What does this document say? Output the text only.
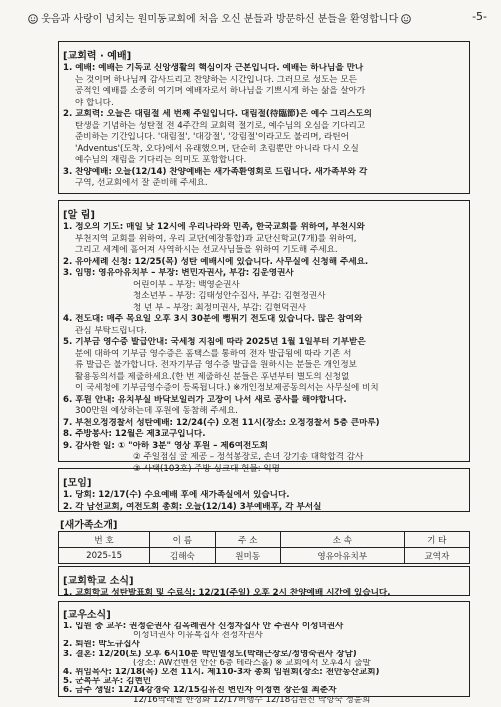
웃음과 사랑이 넘치는 원미동교회에 처음 오신 분들과 방문하신 분들을 환영합니다	-5-
[교회력 · 예배]
1. 예배: 예배는 기독교 신앙생활의 핵심이자 근본입니다. 예배는 하나님을 만나
는 것이며 하나님께 감사드리고 찬양하는 시간입니다. 그러므로 성도는 모든
공적인 예배를 소중히 여기며 예배자로서 하나님을 기쁘시게 하는 삶을 살아가
야 합니다.
2. 교회력: 오늘은 대림절 세 번째 주일입니다. 대림절(待臨節)은 예수 그리스도의
탄생을 기념하는 성탄절 전 4주간의 교회력 절기로, 예수님의 오심을 기다리고
준비하는 기간입니다. '대림절', '대강절', '강림절'이라고도 불리며, 라틴어
'Adventus'(도착, 오다)에서 유래했으며, 단순히 초림뿐만 아니라 다시 오실
예수님의 재림을 기다리는 의미도 포함합니다.
3. 찬양예배: 오늘(12/14) 찬양예배는 새가족환영회로 드립니다. 새가족부와 각
구역, 선교회에서 잘 준비해 주세요.
[알 림]
1. 정오의 기도: 매일 낮 12시에 우리나라와 민족, 한국교회를 위하여, 부천시와
부천지역 교회를 위하여, 우리 교단(예장통합)과 교단신학교(7개)를 위하여,
그리고 세계에 흩어져 사역하시는 선교사님들을 위하여 기도해 주세요.
2. 유아세례 신청: 12/25(목) 성탄 예배시에 있습니다. 사무실에 신청해 주세요.
3. 임명: 영유아유치부 – 부장: 변민자권사, 부감: 김운영권사
어린이부 – 부장: 백영순권사
청소년부 – 부장: 김태성안수집사, 부감: 김현정권사
청 년 부 – 부장: 최정미권사, 부감: 김현덕권사
4. 전도대: 매주 목요일 오후 3시 30분에 뻥튀기 전도대 있습니다. 많은 참여와
관심 부탁드립니다.
5. 기부금 영수증 발급안내: 국세청 지침에 따라 2025년 1월 1일부터 기부받은
분에 대하여 기부금 영수증은 홈택스를 통하여 전자 발급됨에 따라 기존 서
류 발급은 불가합니다. 전자기부금 영수증 발급을 원하시는 분들은 개인정보
활용동의서를 제출하세요.(한 번 제출하신 분들은 후년부터 별도의 신청없
이 국세청에 기부금영수증이 등록됩니다.) ※개인정보제공동의서는 사무실에 비치
6. 후원 안내: 유치부실 바닥보일러가 고장이 나서 새로 공사를 해야합니다.
300만원 예상하는데 후원에 동참해 주세요.
7. 부천오정경찰서 성탄예배: 12/24(수) 오전 11시(장소: 오정경찰서 5층 큰마루)
8. 주방봉사: 12월은 제3교구입니다.
9. 감사한 일: ① "아하 3분" 영상 후원 – 제6여전도회
② 주일점심 굴 제공 – 정석봉장로, 손녀 강기송 대학합격 감사
③ 사택(103호) 주방 싱크대 헌물: 익명
[모임]
1. 당회: 12/17(수) 수요예배 후에 새가족실에서 있습니다.
2. 각 남선교회, 여전도회 총회: 오늘(12/14) 3부예배후, 각 부서실
[새가족소개]
번 호	이 름	주 소	소 속	기 타
2025-15	김해숙	원미동	영유아유치부	교역자
[교회학교 소식]
1. 교회학교 성탄발표회 및 수료식: 12/21(주일) 오후 2시 찬양예배 시간에 있습니다.
[교우소식]
1. 입원 중 교우: 권정순권사 김옥례권사 신정자집사 안 주권사 이성녀권사
이성녀권사 이유복집사 전정자권사
2. 퇴원: 박노규집사
3. 결혼: 12/20(토) 오후 6시10분 박민열성도(박래근장로/정영숙권사 장남)
(장소: AW컨벤션 안산 6층 테라스홀) ※ 교회에서 오후4시 출발
4. 위임목사: 12/18(목) 오전 11시. 제110-3차 총회 임원회(장소: 천안동산교회)
5. 군복무 교우: 김현민
6. 금주 생일: 12/14강경숙 12/15김유진 변민자 이정현 장은설 최춘자
12/16박래열 한경화 12/17허행수 12/18김원진 박향숙 정윤희
